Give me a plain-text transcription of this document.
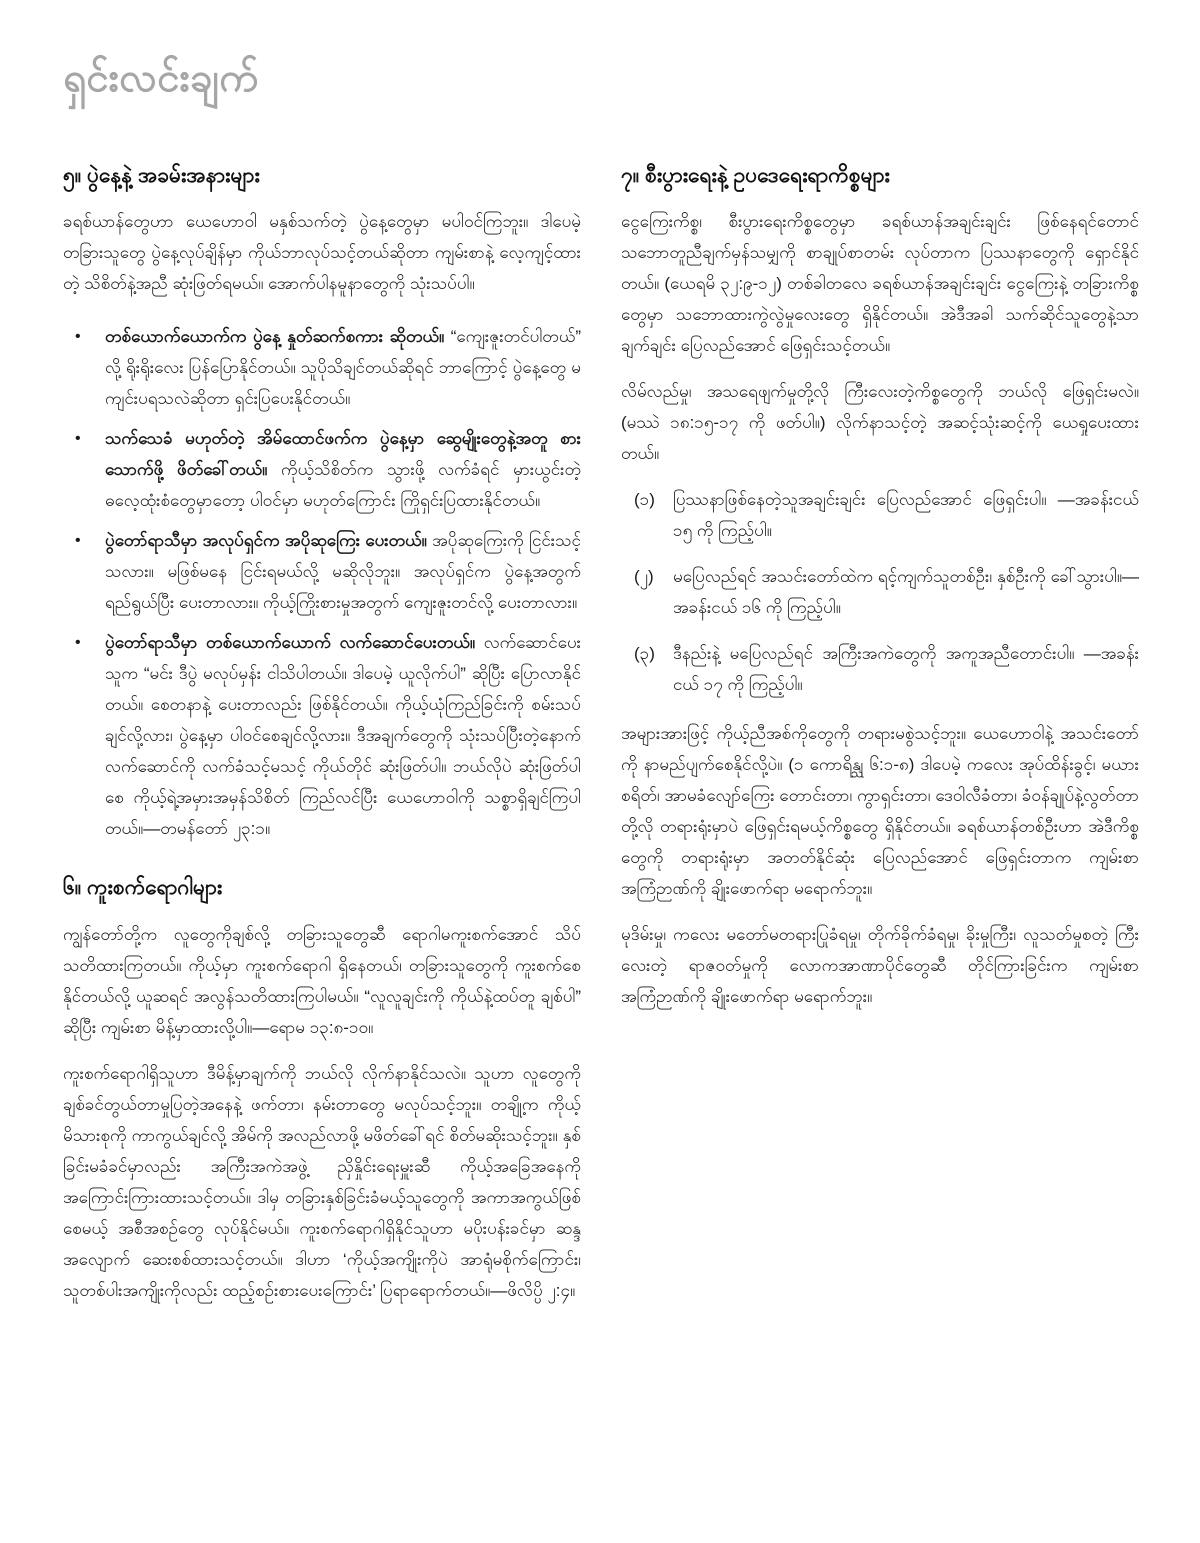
ရှင်းလင်းချက်
၅။ ပွဲနေ့နဲ့ အခမ်းအနားများ

ခရစ်ယာန်တွေဟာ ယေဟောဝါ မနှစ်သက်တဲ့ ပွဲနေ့တွေမှာ မပါဝင်ကြဘူး။ ဒါပေမဲ့ တခြားသူတွေ ပွဲနေ့လုပ်ချိန်မှာ ကိုယ်ဘာလုပ်သင့်တယ်ဆိုတာ ကျမ်းစာနဲ့ လေ့ကျင့်ထားတဲ့ သိစိတ်နဲ့အညီ ဆုံးဖြတ်ရမယ်။ အောက်ပါနမူနာတွေကို သုံးသပ်ပါ။

• တစ်ယောက်ယောက်က ပွဲနေ့ နှုတ်ဆက်စကား ဆိုတယ်။ “ကျေးဇူးတင်ပါတယ်” လို့ ရိုးရိုးလေး ပြန်ပြောနိုင်တယ်။ သူပိုသိချင်တယ်ဆိုရင် ဘာကြောင့် ပွဲနေ့တွေ မကျင်းပရသလဲဆိုတာ ရှင်းပြပေးနိုင်တယ်။
• သက်သေခံ မဟုတ်တဲ့ အိမ်ထောင်ဖက်က ပွဲနေ့မှာ ဆွေမျိုးတွေနဲ့အတူ စားသောက်ဖို့ ဖိတ်ခေါ်တယ်။ ကိုယ့်သိစိတ်က သွားဖို့ လက်ခံရင် မှားယွင်းတဲ့ ဓလေ့ထုံးစံတွေမှာတော့ ပါဝင်မှာ မဟုတ်ကြောင်း ကြိုရှင်းပြထားနိုင်တယ်။
• ပွဲတော်ရာသီမှာ အလုပ်ရှင်က အပိုဆုကြေး ပေးတယ်။ အပိုဆုကြေးကို ငြင်းသင့်သလား။ မဖြစ်မနေ ငြင်းရမယ်လို့ မဆိုလိုဘူး။ အလုပ်ရှင်က ပွဲနေ့အတွက် ရည်ရွယ်ပြီး ပေးတာလား။ ကိုယ့်ကြိုးစားမှုအတွက် ကျေးဇူးတင်လို့ ပေးတာလား။
• ပွဲတော်ရာသီမှာ တစ်ယောက်ယောက် လက်ဆောင်ပေးတယ်။ လက်ဆောင်ပေးသူက “မင်း ဒီပွဲ မလုပ်မှန်း ငါသိပါတယ်။ ဒါပေမဲ့ ယူလိုက်ပါ” ဆိုပြီး ပြောလာနိုင်တယ်။ စေတနာနဲ့ ပေးတာလည်း ဖြစ်နိုင်တယ်။ ကိုယ့်ယုံကြည်ခြင်းကို စမ်းသပ်ချင်လို့လား၊ ပွဲနေ့မှာ ပါဝင်စေချင်လို့လား။ ဒီအချက်တွေကို သုံးသပ်ပြီးတဲ့နောက် လက်ဆောင်ကို လက်ခံသင့်မသင့် ကိုယ်တိုင် ဆုံးဖြတ်ပါ။ ဘယ်လိုပဲ ဆုံးဖြတ်ပါစေ ကိုယ့်ရဲ့အမှားအမှန်သိစိတ် ကြည်လင်ပြီး ယေဟောဝါကို သစ္စာရှိချင်ကြပါတယ်။—တမန်တော် ၂၃:၁။
၆။ ကူးစက်ရောဂါများ

ကျွန်တော်တို့က လူတွေကိုချစ်လို့ တခြားသူတွေဆီ ရောဂါမကူးစက်အောင် သိပ်သတိထားကြတယ်။ ကိုယ့်မှာ ကူးစက်ရောဂါ ရှိနေတယ်၊ တခြားသူတွေကို ကူးစက်စေနိုင်တယ်လို့ ယူဆရင် အလွန်သတိထားကြပါမယ်။ “လူလူချင်းကို ကိုယ်နဲ့ထပ်တူ ချစ်ပါ” ဆိုပြီး ကျမ်းစာ မိန့်မှာထားလို့ပါ။—ရောမ ၁၃:၈-၁၀။

ကူးစက်ရောဂါရှိသူဟာ ဒီမိန့်မှာချက်ကို ဘယ်လို လိုက်နာနိုင်သလဲ။ သူဟာ လူတွေကို ချစ်ခင်တွယ်တာမှုပြတဲ့အနေနဲ့ ဖက်တာ၊ နမ်းတာတွေ မလုပ်သင့်ဘူး။ တချို့က ကိုယ့်မိသားစုကို ကာကွယ်ချင်လို့ အိမ်ကို အလည်လာဖို့ မဖိတ်ခေါ်ရင် စိတ်မဆိုးသင့်ဘူး။ နှစ်ခြင်းမခံခင်မှာလည်း အကြီးအကဲအဖွဲ့ ညှိနှိုင်းရေးမှူးဆီ ကိုယ့်အခြေအနေကို အကြောင်းကြားထားသင့်တယ်။ ဒါမှ တခြားနှစ်ခြင်းခံမယ့်သူတွေကို အကာအကွယ်ဖြစ်စေမယ့် အစီအစဉ်တွေ လုပ်နိုင်မယ်။ ကူးစက်ရောဂါရှိနိုင်သူဟာ မပိုးပန်းခင်မှာ ဆန္ဒအလျောက် ဆေးစစ်ထားသင့်တယ်။ ဒါဟာ ‘ကိုယ့်အကျိုးကိုပဲ အာရုံမစိုက်ကြောင်း၊ သူတစ်ပါးအကျိုးကိုလည်း ထည့်စဉ်းစားပေးကြောင်း’ ပြရာရောက်တယ်။—ဖိလိပ္ပိ ၂:၄။

၇။ စီးပွားရေးနဲ့ ဥပဒေရေးရာကိစ္စများ

ငွေကြေးကိစ္စ၊ စီးပွားရေးကိစ္စတွေမှာ ခရစ်ယာန်အချင်းချင်း ဖြစ်နေရင်တောင် သဘောတူညီချက်မှန်သမျှကို စာချုပ်စာတမ်း လုပ်တာက ပြဿနာတွေကို ရှောင်နိုင်တယ်။ (ယေရမိ ၃၂:၉-၁၂) တစ်ခါတလေ ခရစ်ယာန်အချင်းချင်း ငွေကြေးနဲ့ တခြားကိစ္စတွေမှာ သဘောထားကွဲလွဲမှုလေးတွေ ရှိနိုင်တယ်။ အဲဒီအခါ သက်ဆိုင်သူတွေနဲ့သာ ချက်ချင်း ပြေလည်အောင် ဖြေရှင်းသင့်တယ်။

လိမ်လည်မှု၊ အသရေဖျက်မှုတို့လို ကြီးလေးတဲ့ကိစ္စတွေကို ဘယ်လို ဖြေရှင်းမလဲ။ (မဿဲ ၁၈:၁၅-၁၇ ကို ဖတ်ပါ။) လိုက်နာသင့်တဲ့ အဆင့်သုံးဆင့်ကို ယေရှုပေးထားတယ်။

(၁) ပြဿနာဖြစ်နေတဲ့သူအချင်းချင်း ပြေလည်အောင် ဖြေရှင်းပါ။ —အခန်းငယ် ၁၅ ကို ကြည့်ပါ။
(၂) မပြေလည်ရင် အသင်းတော်ထဲက ရင့်ကျက်သူတစ်ဦး၊ နှစ်ဦးကို ခေါ်သွားပါ။—အခန်းငယ် ၁၆ ကို ကြည့်ပါ။
(၃) ဒီနည်းနဲ့ မပြေလည်ရင် အကြီးအကဲတွေကို အကူအညီတောင်းပါ။ —အခန်းငယ် ၁၇ ကို ကြည့်ပါ။

အများအားဖြင့် ကိုယ့်ညီအစ်ကိုတွေကို တရားမစွဲသင့်ဘူး။ ယေဟောဝါနဲ့ အသင်းတော်ကို နာမည်ပျက်စေနိုင်လို့ပဲ။ (၁ ကောရိန္သု ၆:၁-၈) ဒါပေမဲ့ ကလေး အုပ်ထိန်းခွင့်၊ မယားစရိတ်၊ အာမခံလျော်ကြေး တောင်းတာ၊ ကွာရှင်းတာ၊ ဒေဝါလီခံတာ၊ ခံဝန်ချုပ်နဲ့လွတ်တာတို့လို တရားရုံးမှာပဲ ဖြေရှင်းရမယ့်ကိစ္စတွေ ရှိနိုင်တယ်။ ခရစ်ယာန်တစ်ဦးဟာ အဲဒီကိစ္စတွေကို တရားရုံးမှာ အတတ်နိုင်ဆုံး ပြေလည်အောင် ဖြေရှင်းတာက ကျမ်းစာအကြံဉာဏ်ကို ချိုးဖောက်ရာ မရောက်ဘူး။

မုဒိမ်းမှု၊ ကလေး မတော်မတရားပြုခံရမှု၊ တိုက်ခိုက်ခံရမှု၊ ခိုးမှုကြီး၊ လူသတ်မှုစတဲ့ ကြီးလေးတဲ့ ရာဇဝတ်မှုကို လောကအာဏာပိုင်တွေဆီ တိုင်ကြားခြင်းက ကျမ်းစာအကြံဉာဏ်ကို ချိုးဖောက်ရာ မရောက်ဘူး။
